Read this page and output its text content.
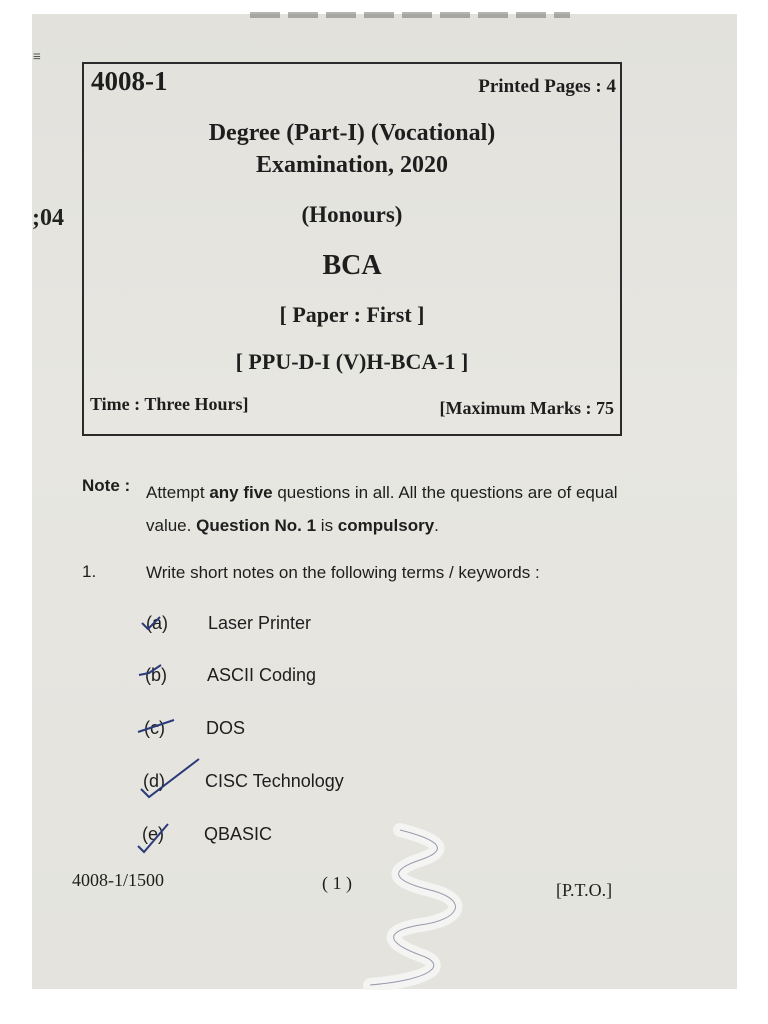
≡
;04
4008-1	Printed Pages : 4
Degree (Part-I) (Vocational)
Examination, 2020
(Honours)
BCA
[ Paper : First ]
[ PPU-D-I (V)H-BCA-1 ]
Time : Three Hours]	[Maximum Marks : 75
Note : Attempt any five questions in all. All the questions are of equal value. Question No. 1 is compulsory.
1.	Write short notes on the following terms / keywords :
(a)	Laser Printer
(b)	ASCII Coding
(c)	DOS
(d)	CISC Technology
(e)	QBASIC
4008-1/1500	( 1 )	[P.T.O.]
